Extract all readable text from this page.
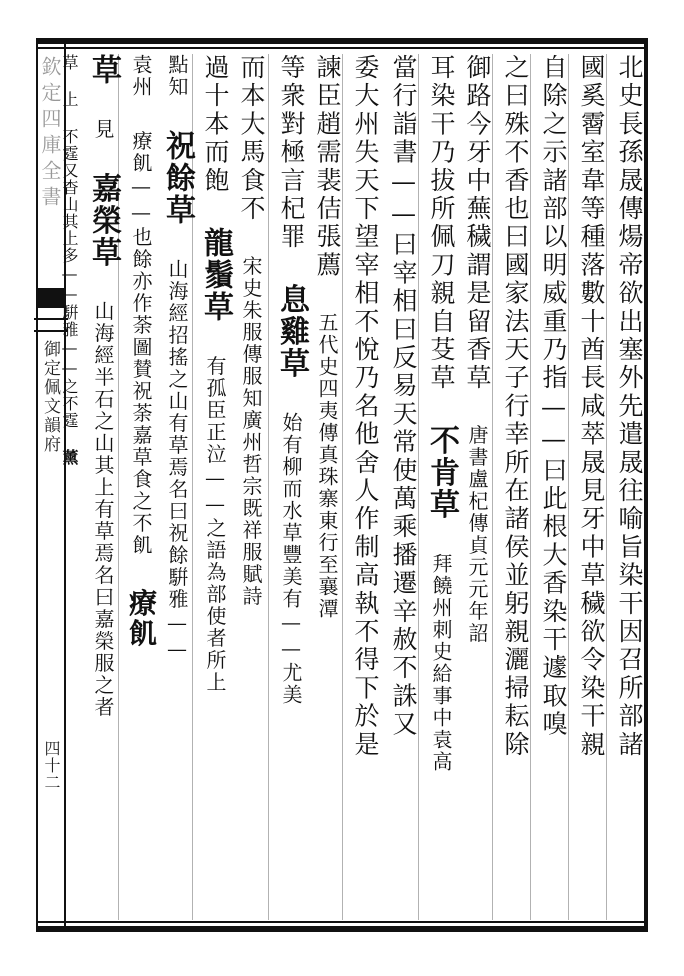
欽定四庫全書
御定佩文韻府
四十二
北史長孫晟傳煬帝欲出塞外先遣晟往喻旨染干因召所部諸
國奚霫室韋等種落數十酋長咸萃晟見牙中草穢欲令染干親
自除之示諸部以明威重乃指——曰此根大香染干遽取嗅
之曰殊不香也曰國家法天子行幸所在諸侯並躬親灑掃耘除
御路今牙中蕪穢謂是留香草 唐書盧杞傳貞元元年詔
耳染干乃拔所佩刀親自芟草 不肯草 拜饒州刺史給事中袁高
當行詣書——曰宰相曰反易天常使萬乘播遷辛赦不誅又
委大州失天下望宰相不悅乃名他舍人作制高執不得下於是
諫臣趙需裴佶張薦 五代史四夷傳真珠寨東行至襄潭
等衆對極言杞罪 息雞草 始有柳而水草豐美有——尤美
而本大馬食不 宋史朱服傳服知廣州哲宗既祥服賦詩
過十本而飽 龍鬚草 有孤臣正泣——之語為部使者所上
點知 祝餘草 山海經招搖之山有草焉名曰祝餘騈雅——
袁州 療飢——也餘亦作荼圖賛祝荼嘉草食之不飢 療飢
草 見 嘉榮草 山海經半石之山其上有草焉名曰嘉榮服之者
草 上 不霆又杳山其上多——騈雅——之不霆 薰
